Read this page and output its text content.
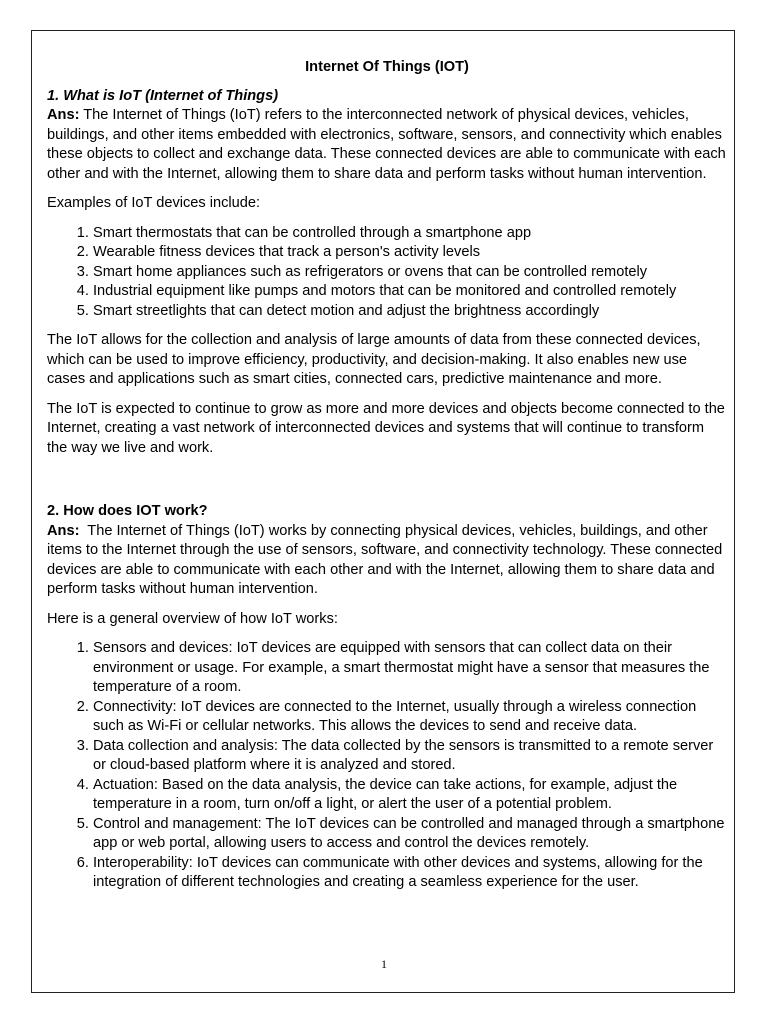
Internet Of Things (IOT)
1. What is IoT (Internet of Things)

Ans: The Internet of Things (IoT) refers to the interconnected network of physical devices, vehicles, buildings, and other items embedded with electronics, software, sensors, and connectivity which enables these objects to collect and exchange data. These connected devices are able to communicate with each other and with the Internet, allowing them to share data and perform tasks without human intervention.

Examples of IoT devices include:

1. Smart thermostats that can be controlled through a smartphone app
2. Wearable fitness devices that track a person's activity levels
3. Smart home appliances such as refrigerators or ovens that can be controlled remotely
4. Industrial equipment like pumps and motors that can be monitored and controlled remotely
5. Smart streetlights that can detect motion and adjust the brightness accordingly

The IoT allows for the collection and analysis of large amounts of data from these connected devices, which can be used to improve efficiency, productivity, and decision-making. It also enables new use cases and applications such as smart cities, connected cars, predictive maintenance and more.

The IoT is expected to continue to grow as more and more devices and objects become connected to the Internet, creating a vast network of interconnected devices and systems that will continue to transform the way we live and work.

2. How does IOT work?

Ans:  The Internet of Things (IoT) works by connecting physical devices, vehicles, buildings, and other items to the Internet through the use of sensors, software, and connectivity technology. These connected devices are able to communicate with each other and with the Internet, allowing them to share data and perform tasks without human intervention.

Here is a general overview of how IoT works:

1. Sensors and devices: IoT devices are equipped with sensors that can collect data on their environment or usage. For example, a smart thermostat might have a sensor that measures the temperature of a room.
2. Connectivity: IoT devices are connected to the Internet, usually through a wireless connection such as Wi-Fi or cellular networks. This allows the devices to send and receive data.
3. Data collection and analysis: The data collected by the sensors is transmitted to a remote server or cloud-based platform where it is analyzed and stored.
4. Actuation: Based on the data analysis, the device can take actions, for example, adjust the temperature in a room, turn on/off a light, or alert the user of a potential problem.
5. Control and management: The IoT devices can be controlled and managed through a smartphone app or web portal, allowing users to access and control the devices remotely.
6. Interoperability: IoT devices can communicate with other devices and systems, allowing for the integration of different technologies and creating a seamless experience for the user.
1
